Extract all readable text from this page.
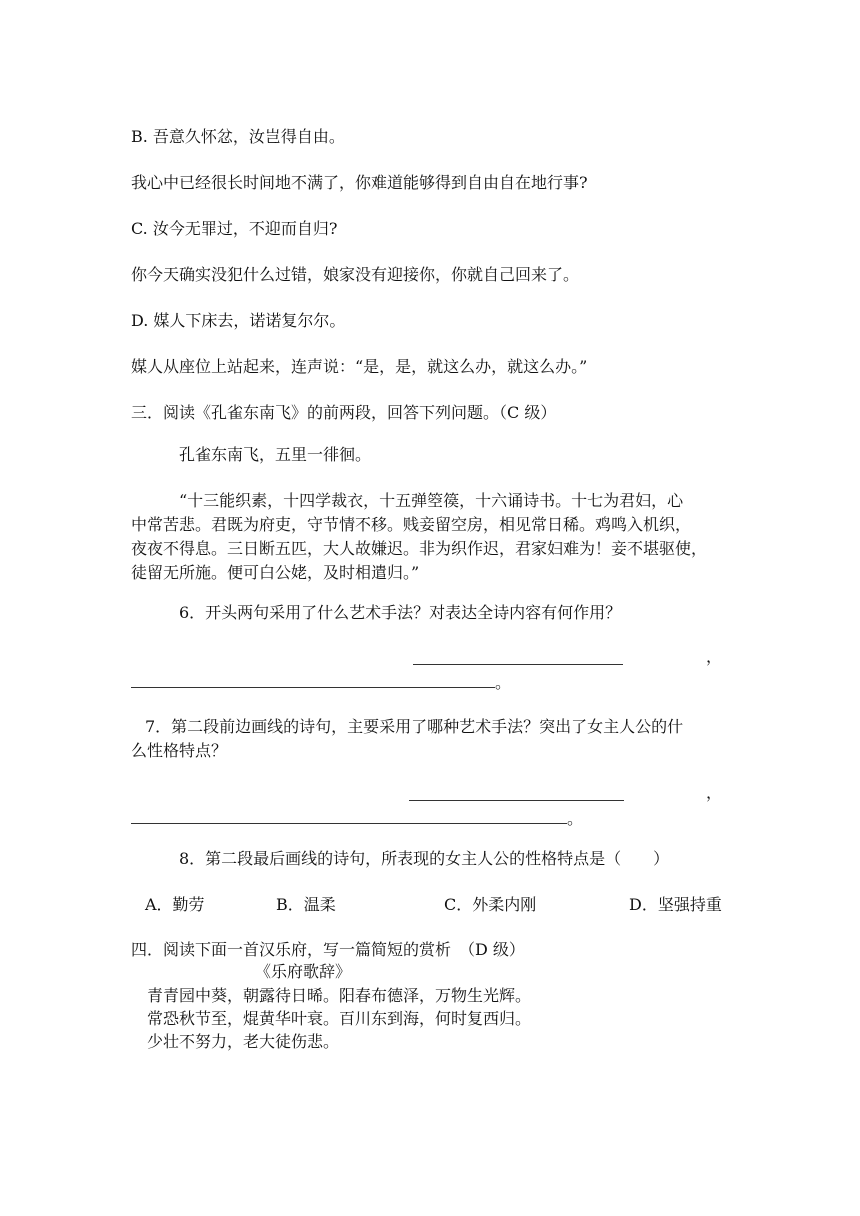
B. 吾意久怀忿，汝岂得自由。
我心中已经很长时间地不满了，你难道能够得到自由自在地行事?
C. 汝今无罪过，不迎而自归?
你今天确实没犯什么过错，娘家没有迎接你，你就自己回来了。
D. 媒人下床去，诺诺复尔尔。
媒人从座位上站起来，连声说：“是，是，就这么办，就这么办。”
三．阅读《孔雀东南飞》的前两段，回答下列问题。（C 级）
孔雀东南飞，五里一徘徊。
“十三能织素，十四学裁衣，十五弹箜篌，十六诵诗书。十七为君妇，心
中常苦悲。君既为府吏，守节情不移。贱妾留空房，相见常日稀。鸡鸣入机织，
夜夜不得息。三日断五匹，大人故嫌迟。非为织作迟，君家妇难为！妾不堪驱使，
徒留无所施。便可白公姥，及时相遣归。”
6．开头两句采用了什么艺术手法？对表达全诗内容有何作用？
，
。
7．第二段前边画线的诗句，主要采用了哪种艺术手法？突出了女主人公的什
么性格特点？
，
。
8．第二段最后画线的诗句，所表现的女主人公的性格特点是（　　）
A．勤劳	B．温柔	C．外柔内刚	D．坚强持重
四．阅读下面一首汉乐府，写一篇简短的赏析　（D 级）
《乐府歌辞》
青青园中葵，朝露待日晞。阳春布德泽，万物生光辉。
常恐秋节至，焜黄华叶衰。百川东到海，何时复西归。
少壮不努力，老大徒伤悲。
